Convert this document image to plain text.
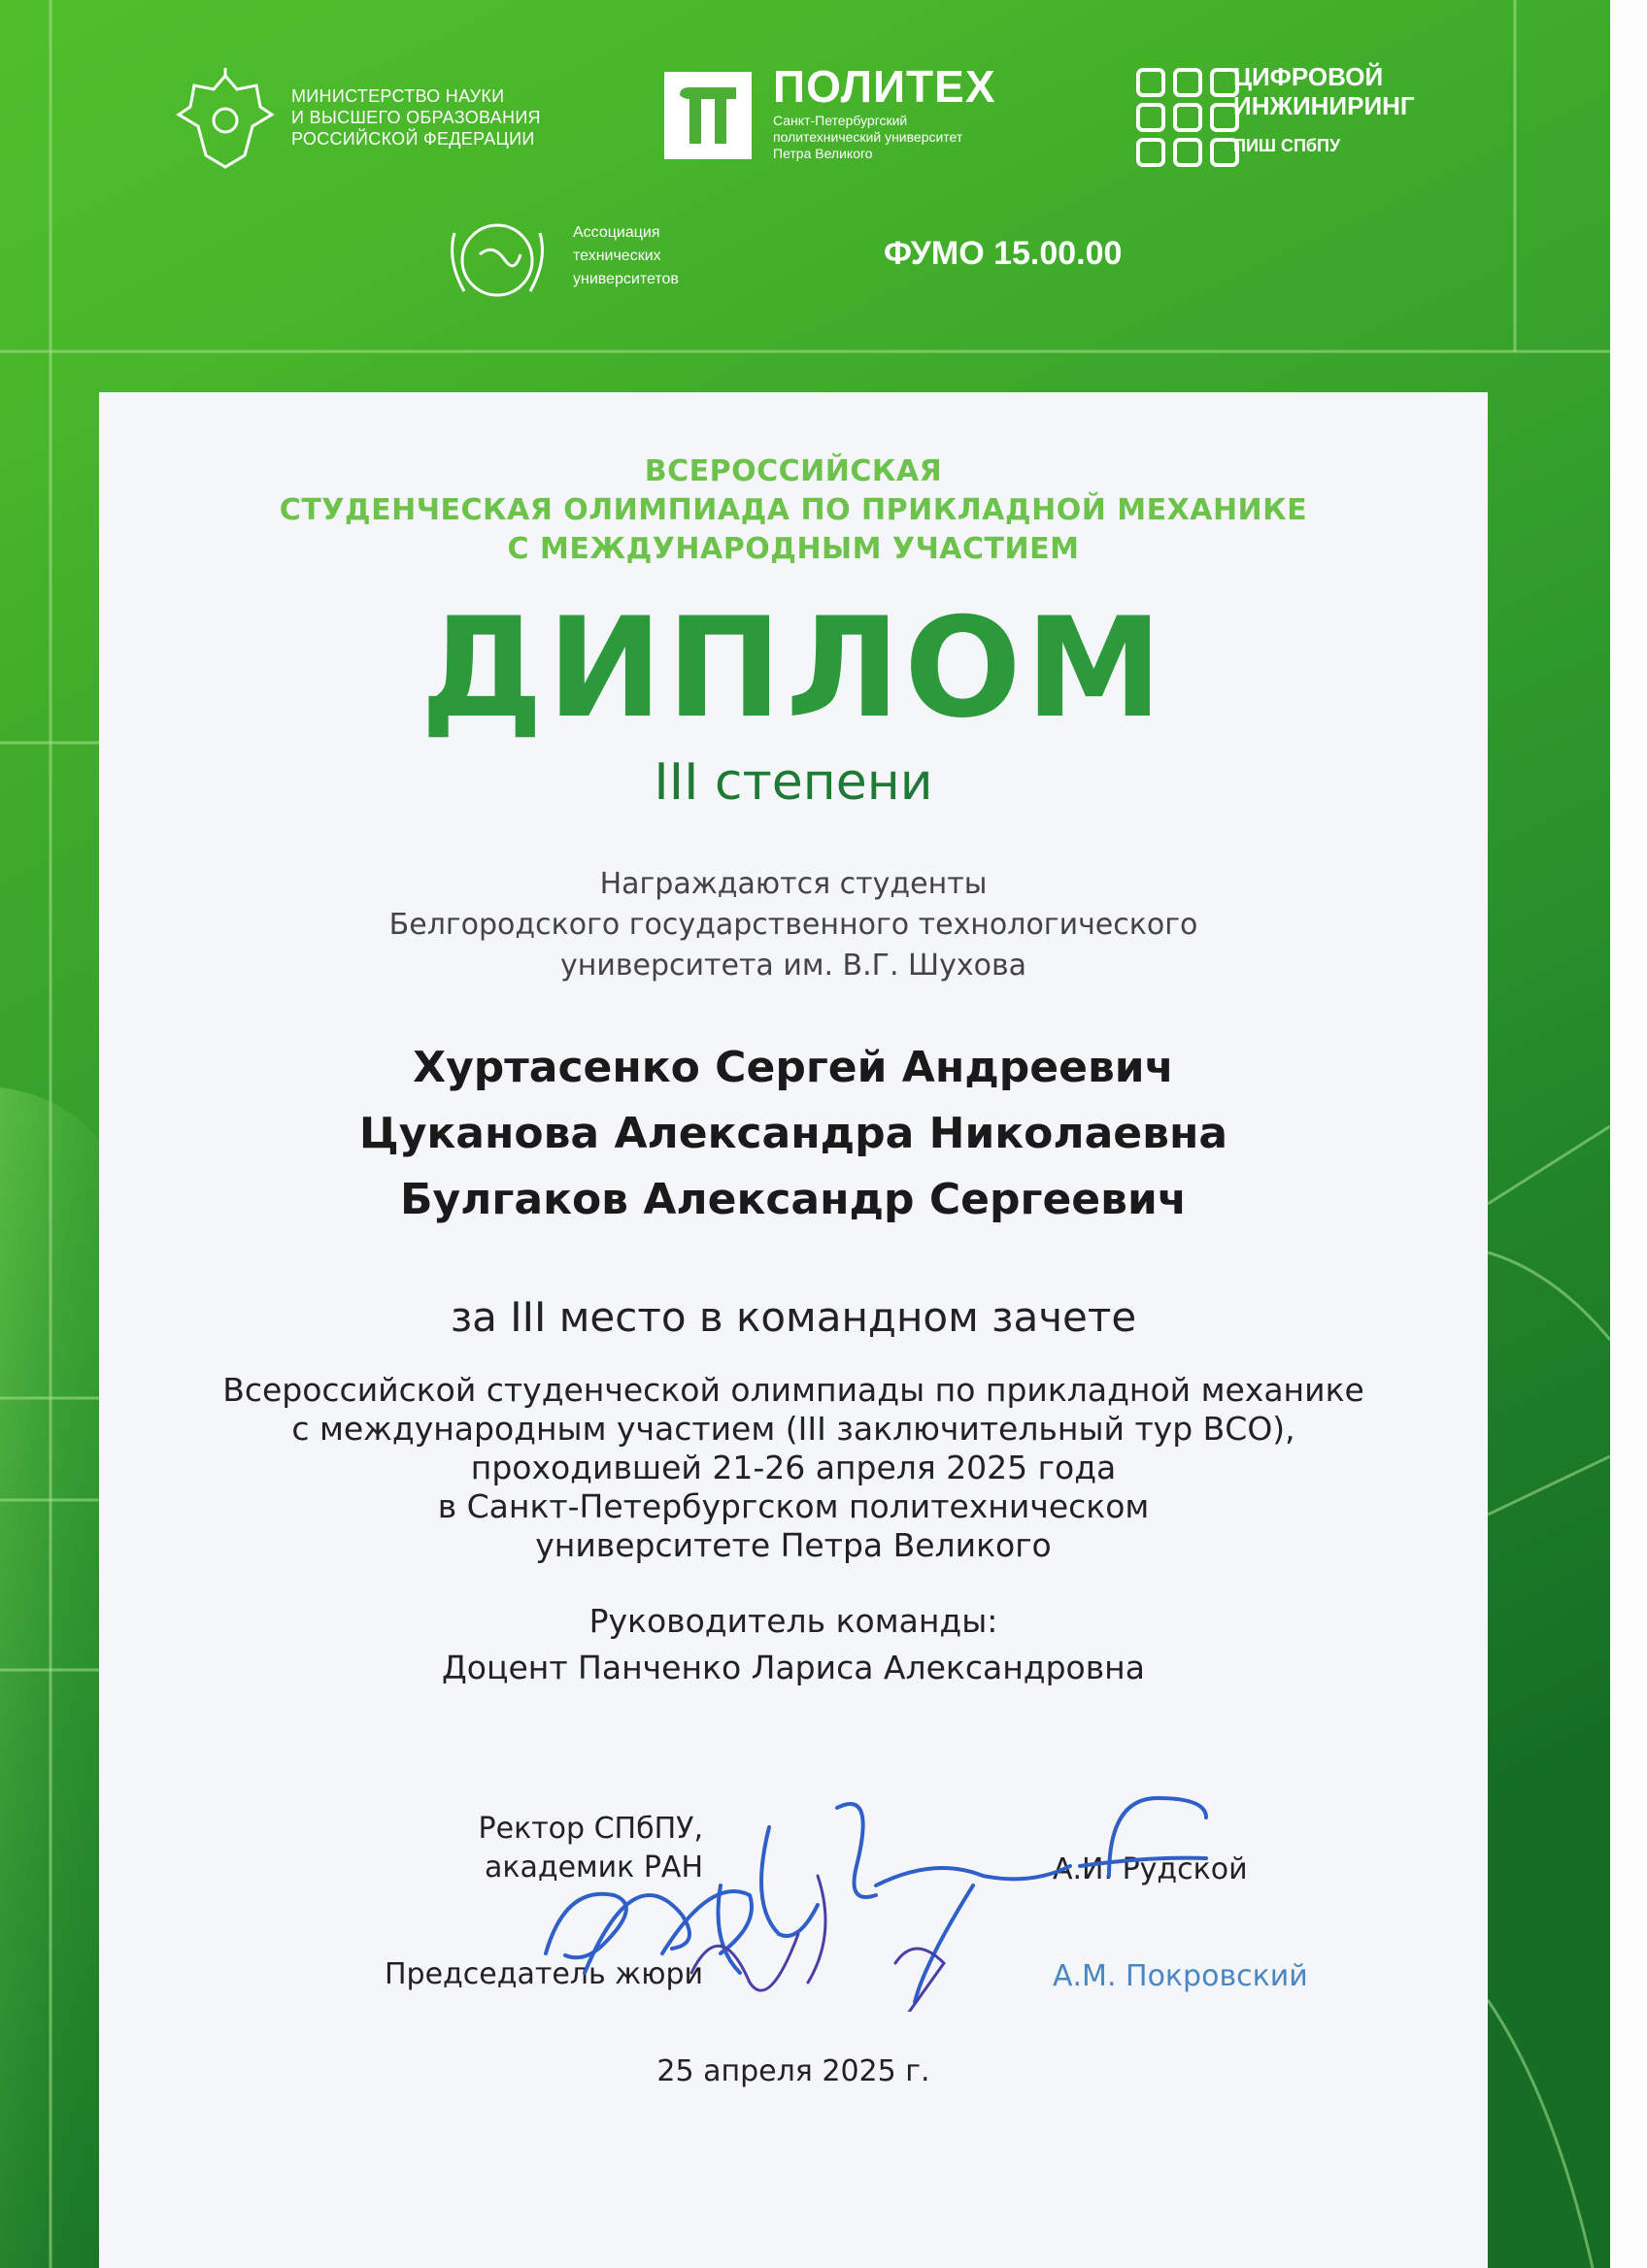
МИНИСТЕРСТВО НАУКИ
И ВЫСШЕГО ОБРАЗОВАНИЯ
РОССИЙСКОЙ ФЕДЕРАЦИИ
ПОЛИТЕХ
Санкт-Петербургский
политехнический университет
Петра Великого
ЦИФРОВОЙ
ИНЖИНИРИНГ
ПИШ СПбПУ
Ассоциация
технических
университетов
ФУМО 15.00.00
ВСЕРОССИЙСКАЯ
СТУДЕНЧЕСКАЯ ОЛИМПИАДА ПО ПРИКЛАДНОЙ МЕХАНИКЕ
С МЕЖДУНАРОДНЫМ УЧАСТИЕМ
ДИПЛОМ
III степени
Награждаются студенты
Белгородского государственного технологического
университета им. В.Г. Шухова
Хуртасенко Сергей Андреевич
Цуканова Александра Николаевна
Булгаков Александр Сергеевич
за III место в командном зачете
Всероссийской студенческой олимпиады по прикладной механике
с международным участием (III заключительный тур ВСО),
проходившей 21-26 апреля 2025 года
в Санкт-Петербургском политехническом
университете Петра Великого
Руководитель команды:
Доцент Панченко Лариса Александровна
Ректор СПбПУ,
академик РАН	А.И. Рудской
Председатель жюри	А.М. Покровский
25 апреля 2025 г.
